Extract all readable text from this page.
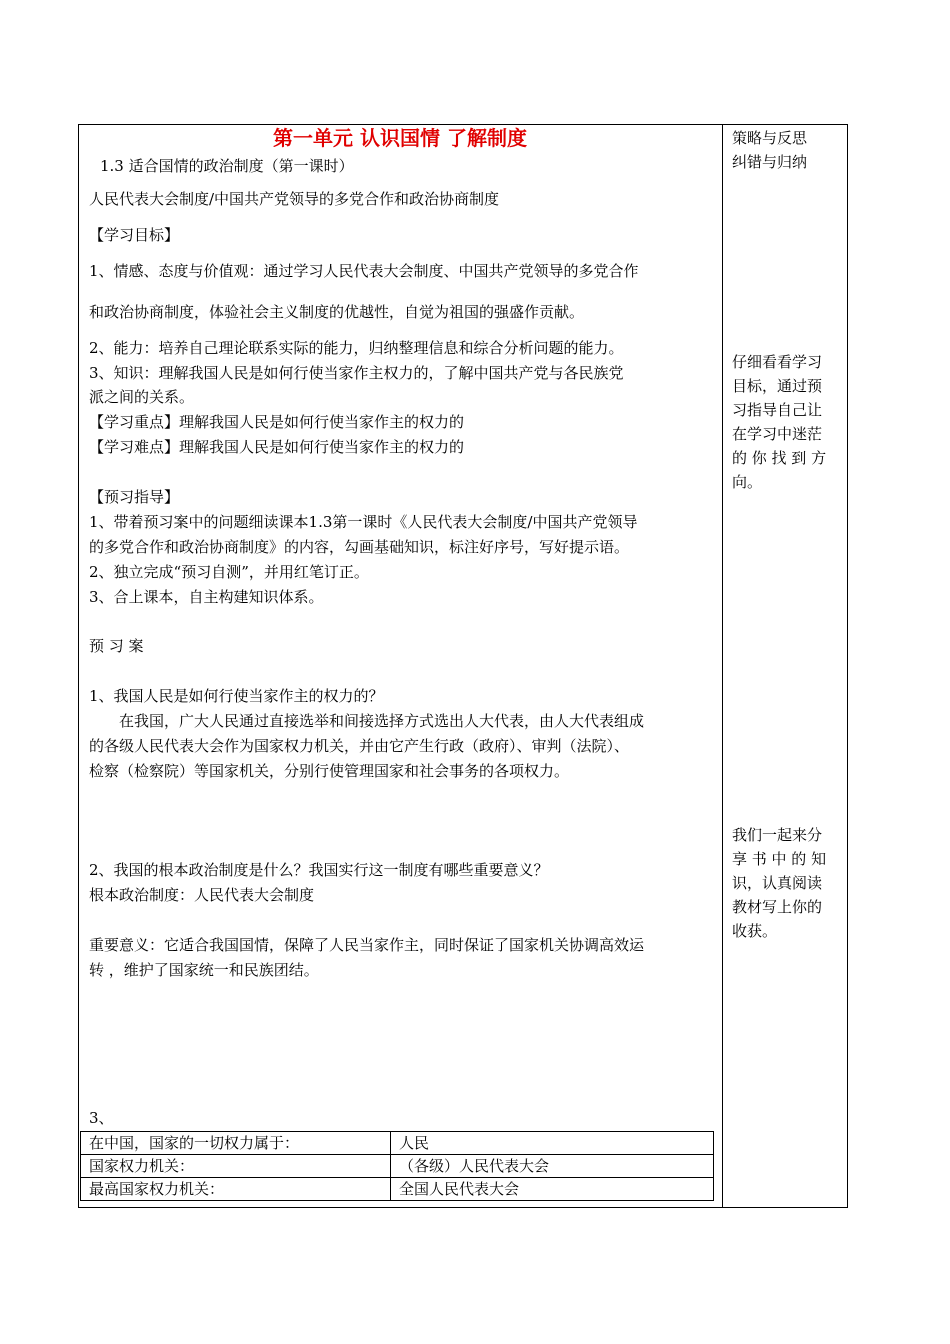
第一单元 认识国情 了解制度
1.3 适合国情的政治制度（第一课时）
人民代表大会制度/中国共产党领导的多党合作和政治协商制度
【学习目标】
1、情感、态度与价值观：通过学习人民代表大会制度、中国共产党领导的多党合作
和政治协商制度，体验社会主义制度的优越性，自觉为祖国的强盛作贡献。
2、能力：培养自己理论联系实际的能力，归纳整理信息和综合分析问题的能力。
3、知识：理解我国人民是如何行使当家作主权力的，了解中国共产党与各民族党
派之间的关系。
【学习重点】理解我国人民是如何行使当家作主的权力的
【学习难点】理解我国人民是如何行使当家作主的权力的
【预习指导】
1、带着预习案中的问题细读课本1.3第一课时《人民代表大会制度/中国共产党领导
的多党合作和政治协商制度》的内容，勾画基础知识，标注好序号，写好提示语。
2、独立完成“预习自测”，并用红笔订正。
3、合上课本，自主构建知识体系。
预 习 案
1、我国人民是如何行使当家作主的权力的？
在我国，广大人民通过直接选举和间接选择方式选出人大代表，由人大代表组成
的各级人民代表大会作为国家权力机关，并由它产生行政（政府）、审判（法院）、
检察（检察院）等国家机关，分别行使管理国家和社会事务的各项权力。
2、我国的根本政治制度是什么？我国实行这一制度有哪些重要意义？
根本政治制度：人民代表大会制度
重要意义：它适合我国国情，保障了人民当家作主，同时保证了国家机关协调高效运
转 ，维护了国家统一和民族团结。
3、
在中国，国家的一切权力属于：	人民
国家权力机关：	（各级）人民代表大会
最高国家权力机关：	全国人民代表大会
策略与反思
纠错与归纳
仔细看看学习
目标，通过预
习指导自己让
在学习中迷茫
的 你 找 到 方
向。
我们一起来分
享 书 中 的 知
识，认真阅读
教材写上你的
收获。
